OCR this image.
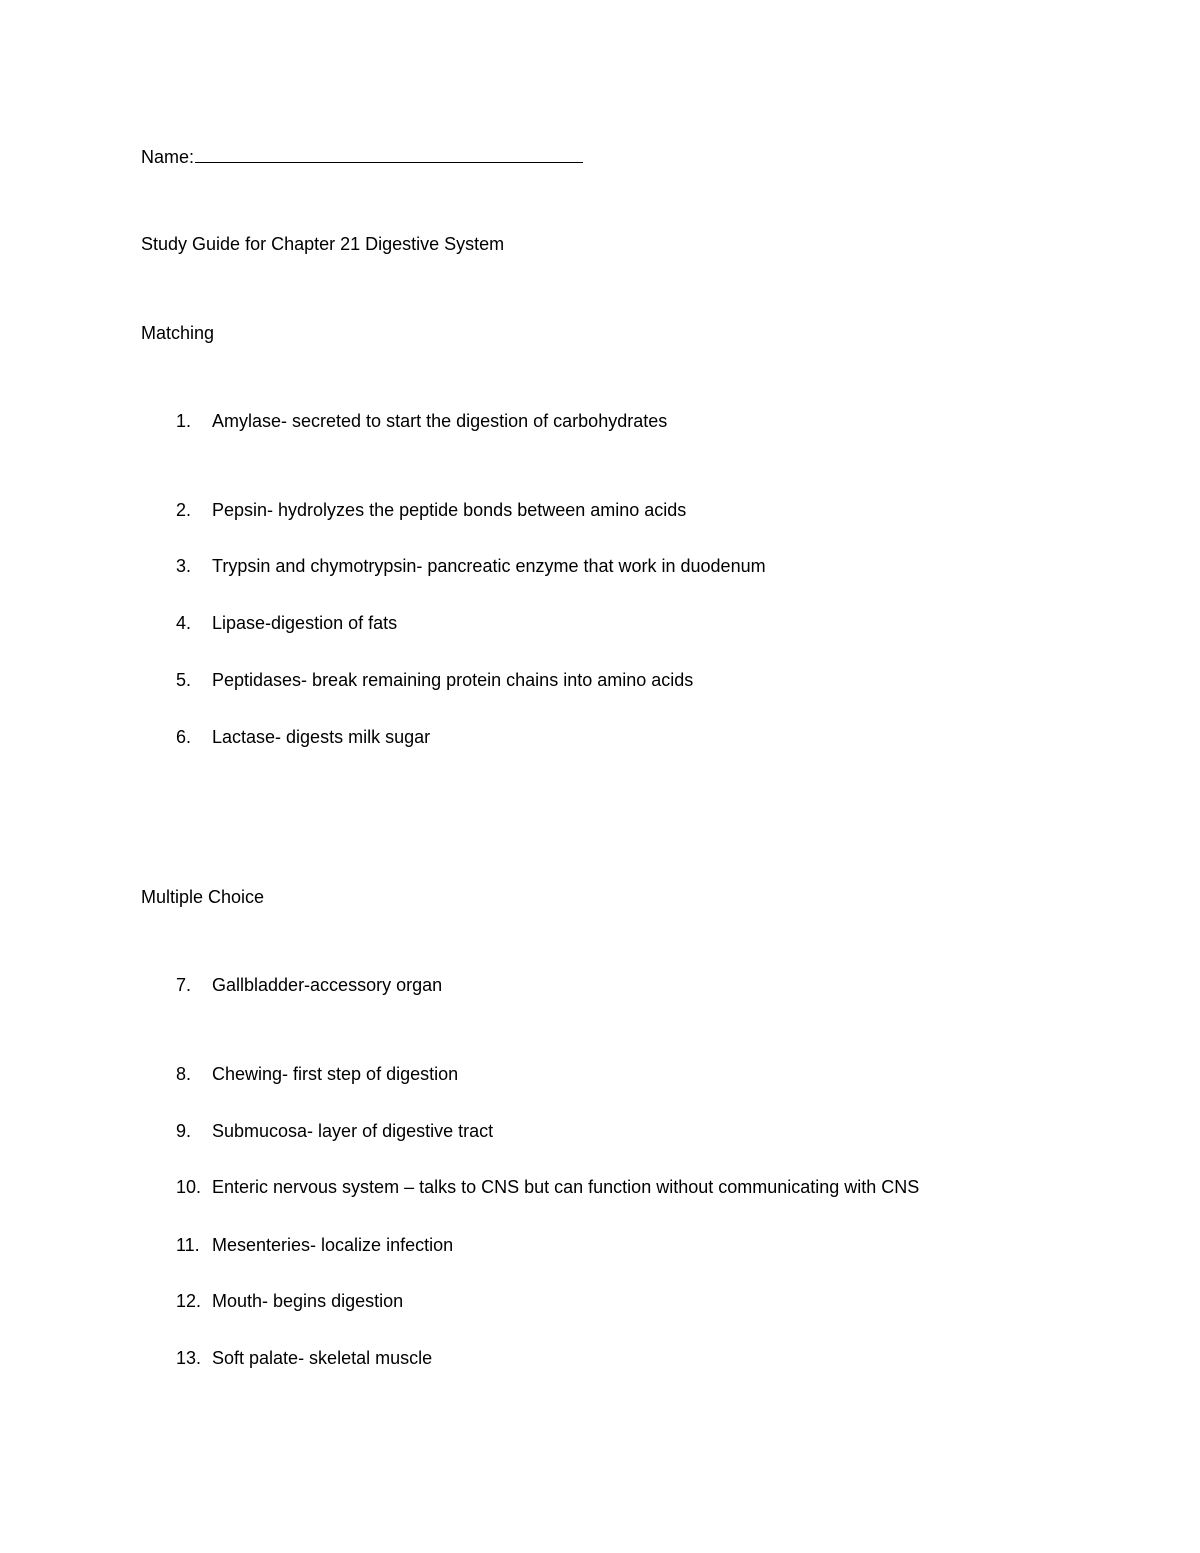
Name:
Study Guide for Chapter 21 Digestive System
Matching
1. Amylase- secreted to start the digestion of carbohydrates
2. Pepsin- hydrolyzes the peptide bonds between amino acids
3. Trypsin and chymotrypsin- pancreatic enzyme that work in duodenum
4. Lipase-digestion of fats
5. Peptidases- break remaining protein chains into amino acids
6. Lactase- digests milk sugar
Multiple Choice
7. Gallbladder-accessory organ
8. Chewing- first step of digestion
9. Submucosa- layer of digestive tract
10. Enteric nervous system – talks to CNS but can function without communicating with CNS
11. Mesenteries- localize infection
12. Mouth- begins digestion
13. Soft palate- skeletal muscle
